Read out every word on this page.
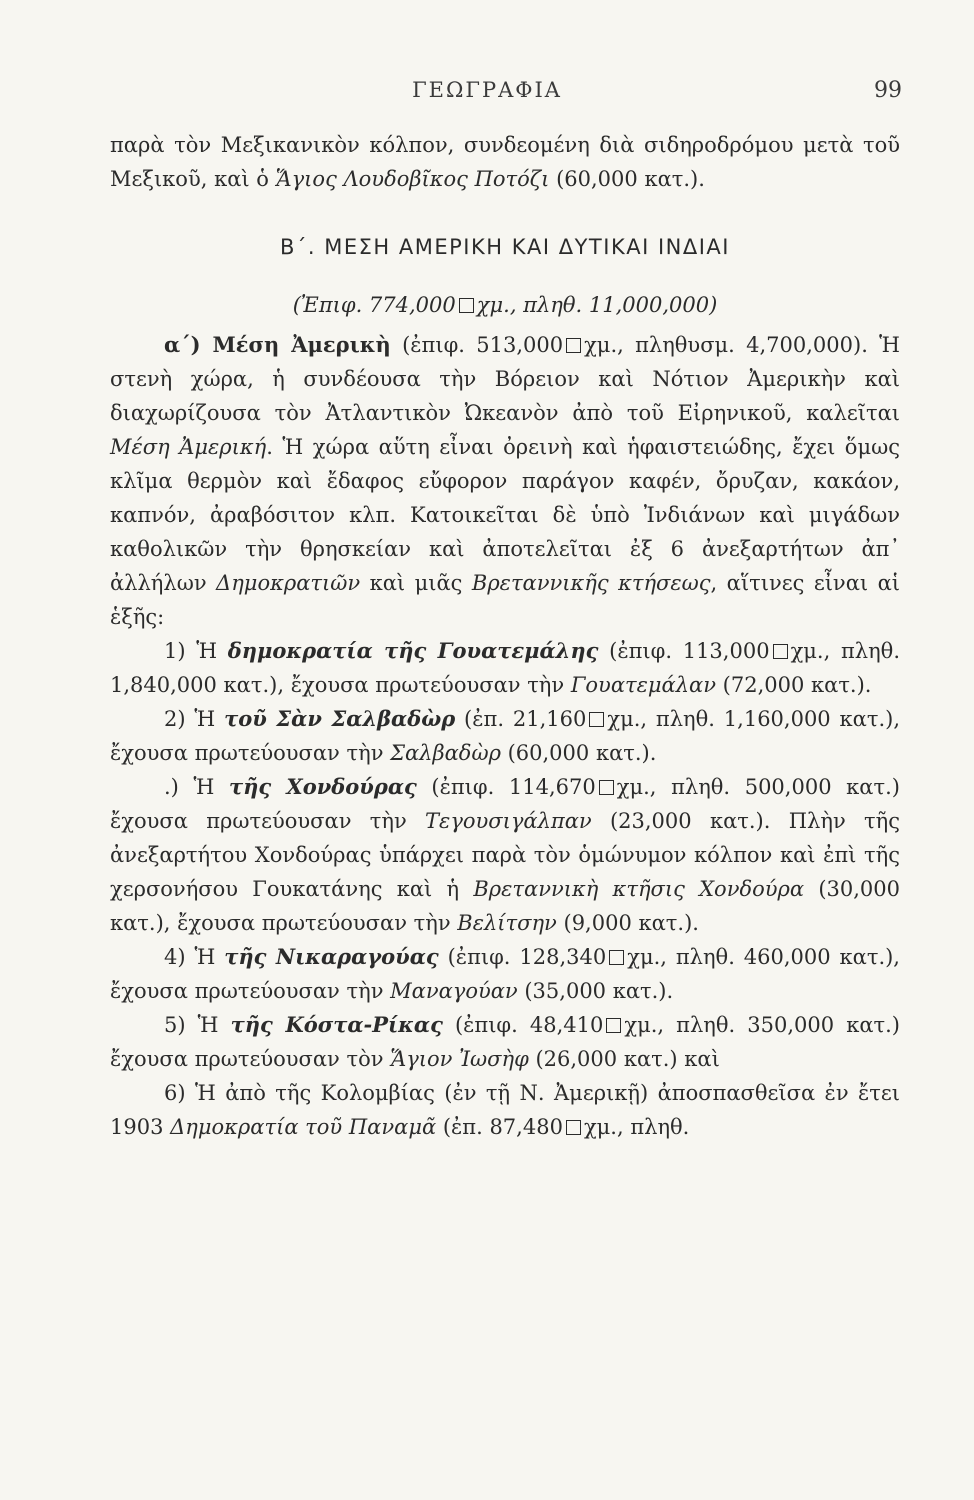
ΓΕΩΓΡΑΦΙΑ	99

παρὰ τὸν Μεξικανικὸν κόλπον, συνδεομένη διὰ σιδηροδρόμου μετὰ τοῦ Μεξικοῦ, καὶ ὁ Ἅγιος Λουδοβῖκος Ποτόζι (60,000 κατ.).

Β΄. ΜΕΣΗ ΑΜΕΡΙΚΗ ΚΑΙ ΔΥΤΙΚΑΙ ΙΝΔΙΑΙ

(Ἐπιφ. 774,000 χμ., πληθ. 11,000,000)

α΄) Μέση Ἀμερικὴ (ἐπιφ. 513,000 χμ., πληθυσμ. 4,700,000). Ἡ στενὴ χώρα, ἡ συνδέουσα τὴν Βόρειον καὶ Νότιον Ἀμερικὴν καὶ διαχωρίζουσα τὸν Ἀτλαντικὸν Ὠκεανὸν ἀπὸ τοῦ Εἰρηνικοῦ, καλεῖται Μέση Ἀμερική. Ἡ χώρα αὕτη εἶναι ὀρεινὴ καὶ ἡφαιστειώδης, ἔχει ὅμως κλῖμα θερμὸν καὶ ἔδαφος εὔφορον παράγον καφέν, ὄρυζαν, κακάον, καπνόν, ἀραβόσιτον κλπ. Κατοικεῖται δὲ ὑπὸ Ἰνδιάνων καὶ μιγάδων καθολικῶν τὴν θρησκείαν καὶ ἀποτελεῖται ἐξ 6 ἀνεξαρτήτων ἀπ᾽ ἀλλήλων Δημοκρατιῶν καὶ μιᾶς Βρεταννικῆς κτήσεως, αἵτινες εἶναι αἱ ἑξῆς:

1) Ἡ δημοκρατία τῆς Γουατεμάλης (ἐπιφ. 113,000 χμ., πληθ. 1,840,000 κατ.), ἔχουσα πρωτεύουσαν τὴν Γουατεμάλαν (72,000 κατ.).

2) Ἡ τοῦ Σὰν Σαλβαδὼρ (ἐπ. 21,160 χμ., πληθ. 1,160,000 κατ.), ἔχουσα πρωτεύουσαν τὴν Σαλβαδὼρ (60,000 κατ.).

.) Ἡ τῆς Χονδούρας (ἐπιφ. 114,670 χμ., πληθ. 500,000 κατ.) ἔχουσα πρωτεύουσαν τὴν Τεγουσιγάλπαν (23,000 κατ.). Πλὴν τῆς ἀνεξαρτήτου Χονδούρας ὑπάρχει παρὰ τὸν ὁμώνυμον κόλπον καὶ ἐπὶ τῆς χερσονήσου Γουκατάνης καὶ ἡ Βρεταννικὴ κτῆσις Χονδούρα (30,000 κατ.), ἔχουσα πρωτεύουσαν τὴν Βελίτσην (9,000 κατ.).

4) Ἡ τῆς Νικαραγούας (ἐπιφ. 128,340 χμ., πληθ. 460,000 κατ.), ἔχουσα πρωτεύουσαν τὴν Μαναγούαν (35,000 κατ.).

5) Ἡ τῆς Κόστα-Ρίκας (ἐπιφ. 48,410 χμ., πληθ. 350,000 κατ.) ἔχουσα πρωτεύουσαν τὸν Ἅγιον Ἰωσὴφ (26,000 κατ.) καὶ

6) Ἡ ἀπὸ τῆς Κολομβίας (ἐν τῇ Ν. Ἀμερικῇ) ἀποσπασθεῖσα ἐν ἔτει 1903 Δημοκρατία τοῦ Παναμᾶ (ἐπ. 87,480 χμ., πληθ.
